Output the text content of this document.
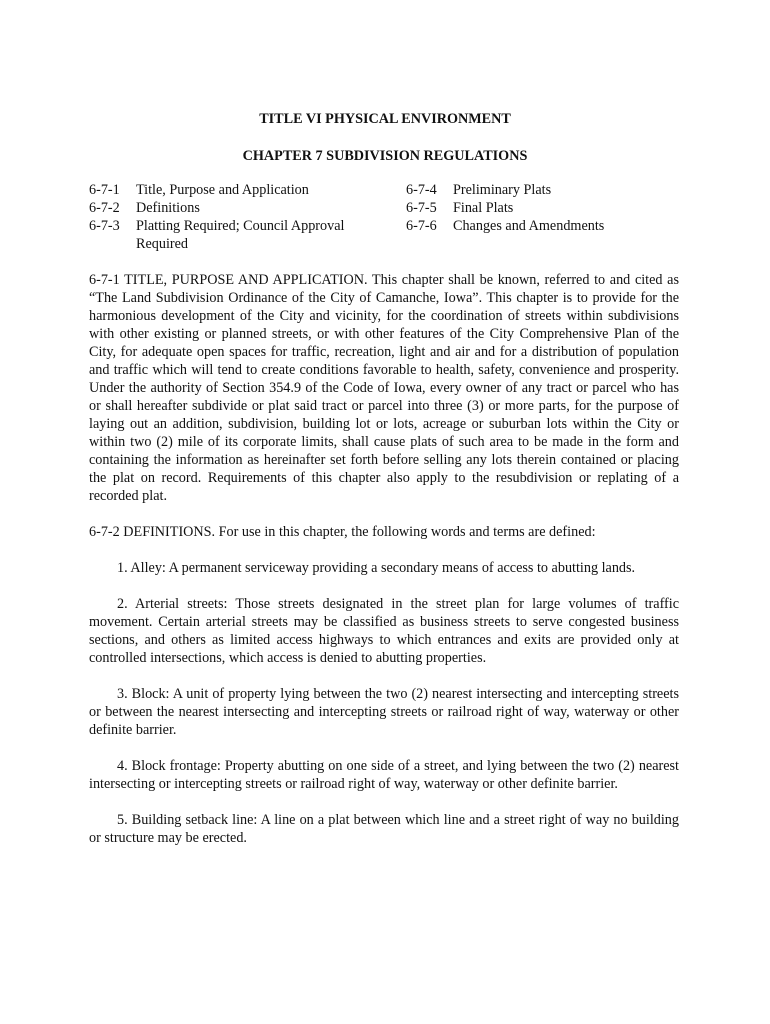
TITLE VI PHYSICAL ENVIRONMENT
CHAPTER 7 SUBDIVISION REGULATIONS
6-7-1	Title, Purpose and Application
6-7-2	Definitions
6-7-3	Platting Required; Council Approval Required
6-7-4	Preliminary Plats
6-7-5	Final Plats
6-7-6	Changes and Amendments

6-7-1 TITLE, PURPOSE AND APPLICATION. This chapter shall be known, referred to and cited as “The Land Subdivision Ordinance of the City of Camanche, Iowa”. This chapter is to provide for the harmonious development of the City and vicinity, for the coordination of streets within subdivisions with other existing or planned streets, or with other features of the City Comprehensive Plan of the City, for adequate open spaces for traffic, recreation, light and air and for a distribution of population and traffic which will tend to create conditions favorable to health, safety, convenience and prosperity. Under the authority of Section 354.9 of the Code of Iowa, every owner of any tract or parcel who has or shall hereafter subdivide or plat said tract or parcel into three (3) or more parts, for the purpose of laying out an addition, subdivision, building lot or lots, acreage or suburban lots within the City or within two (2) mile of its corporate limits, shall cause plats of such area to be made in the form and containing the information as hereinafter set forth before selling any lots therein contained or placing the plat on record. Requirements of this chapter also apply to the resubdivision or replating of a recorded plat.

6-7-2 DEFINITIONS. For use in this chapter, the following words and terms are defined:

1. Alley: A permanent serviceway providing a secondary means of access to abutting lands.

2. Arterial streets: Those streets designated in the street plan for large volumes of traffic movement. Certain arterial streets may be classified as business streets to serve congested business sections, and others as limited access highways to which entrances and exits are provided only at controlled intersections, which access is denied to abutting properties.

3. Block: A unit of property lying between the two (2) nearest intersecting and intercepting streets or between the nearest intersecting and intercepting streets or railroad right of way, waterway or other definite barrier.

4. Block frontage: Property abutting on one side of a street, and lying between the two (2) nearest intersecting or intercepting streets or railroad right of way, waterway or other definite barrier.

5. Building setback line: A line on a plat between which line and a street right of way no building or structure may be erected.
